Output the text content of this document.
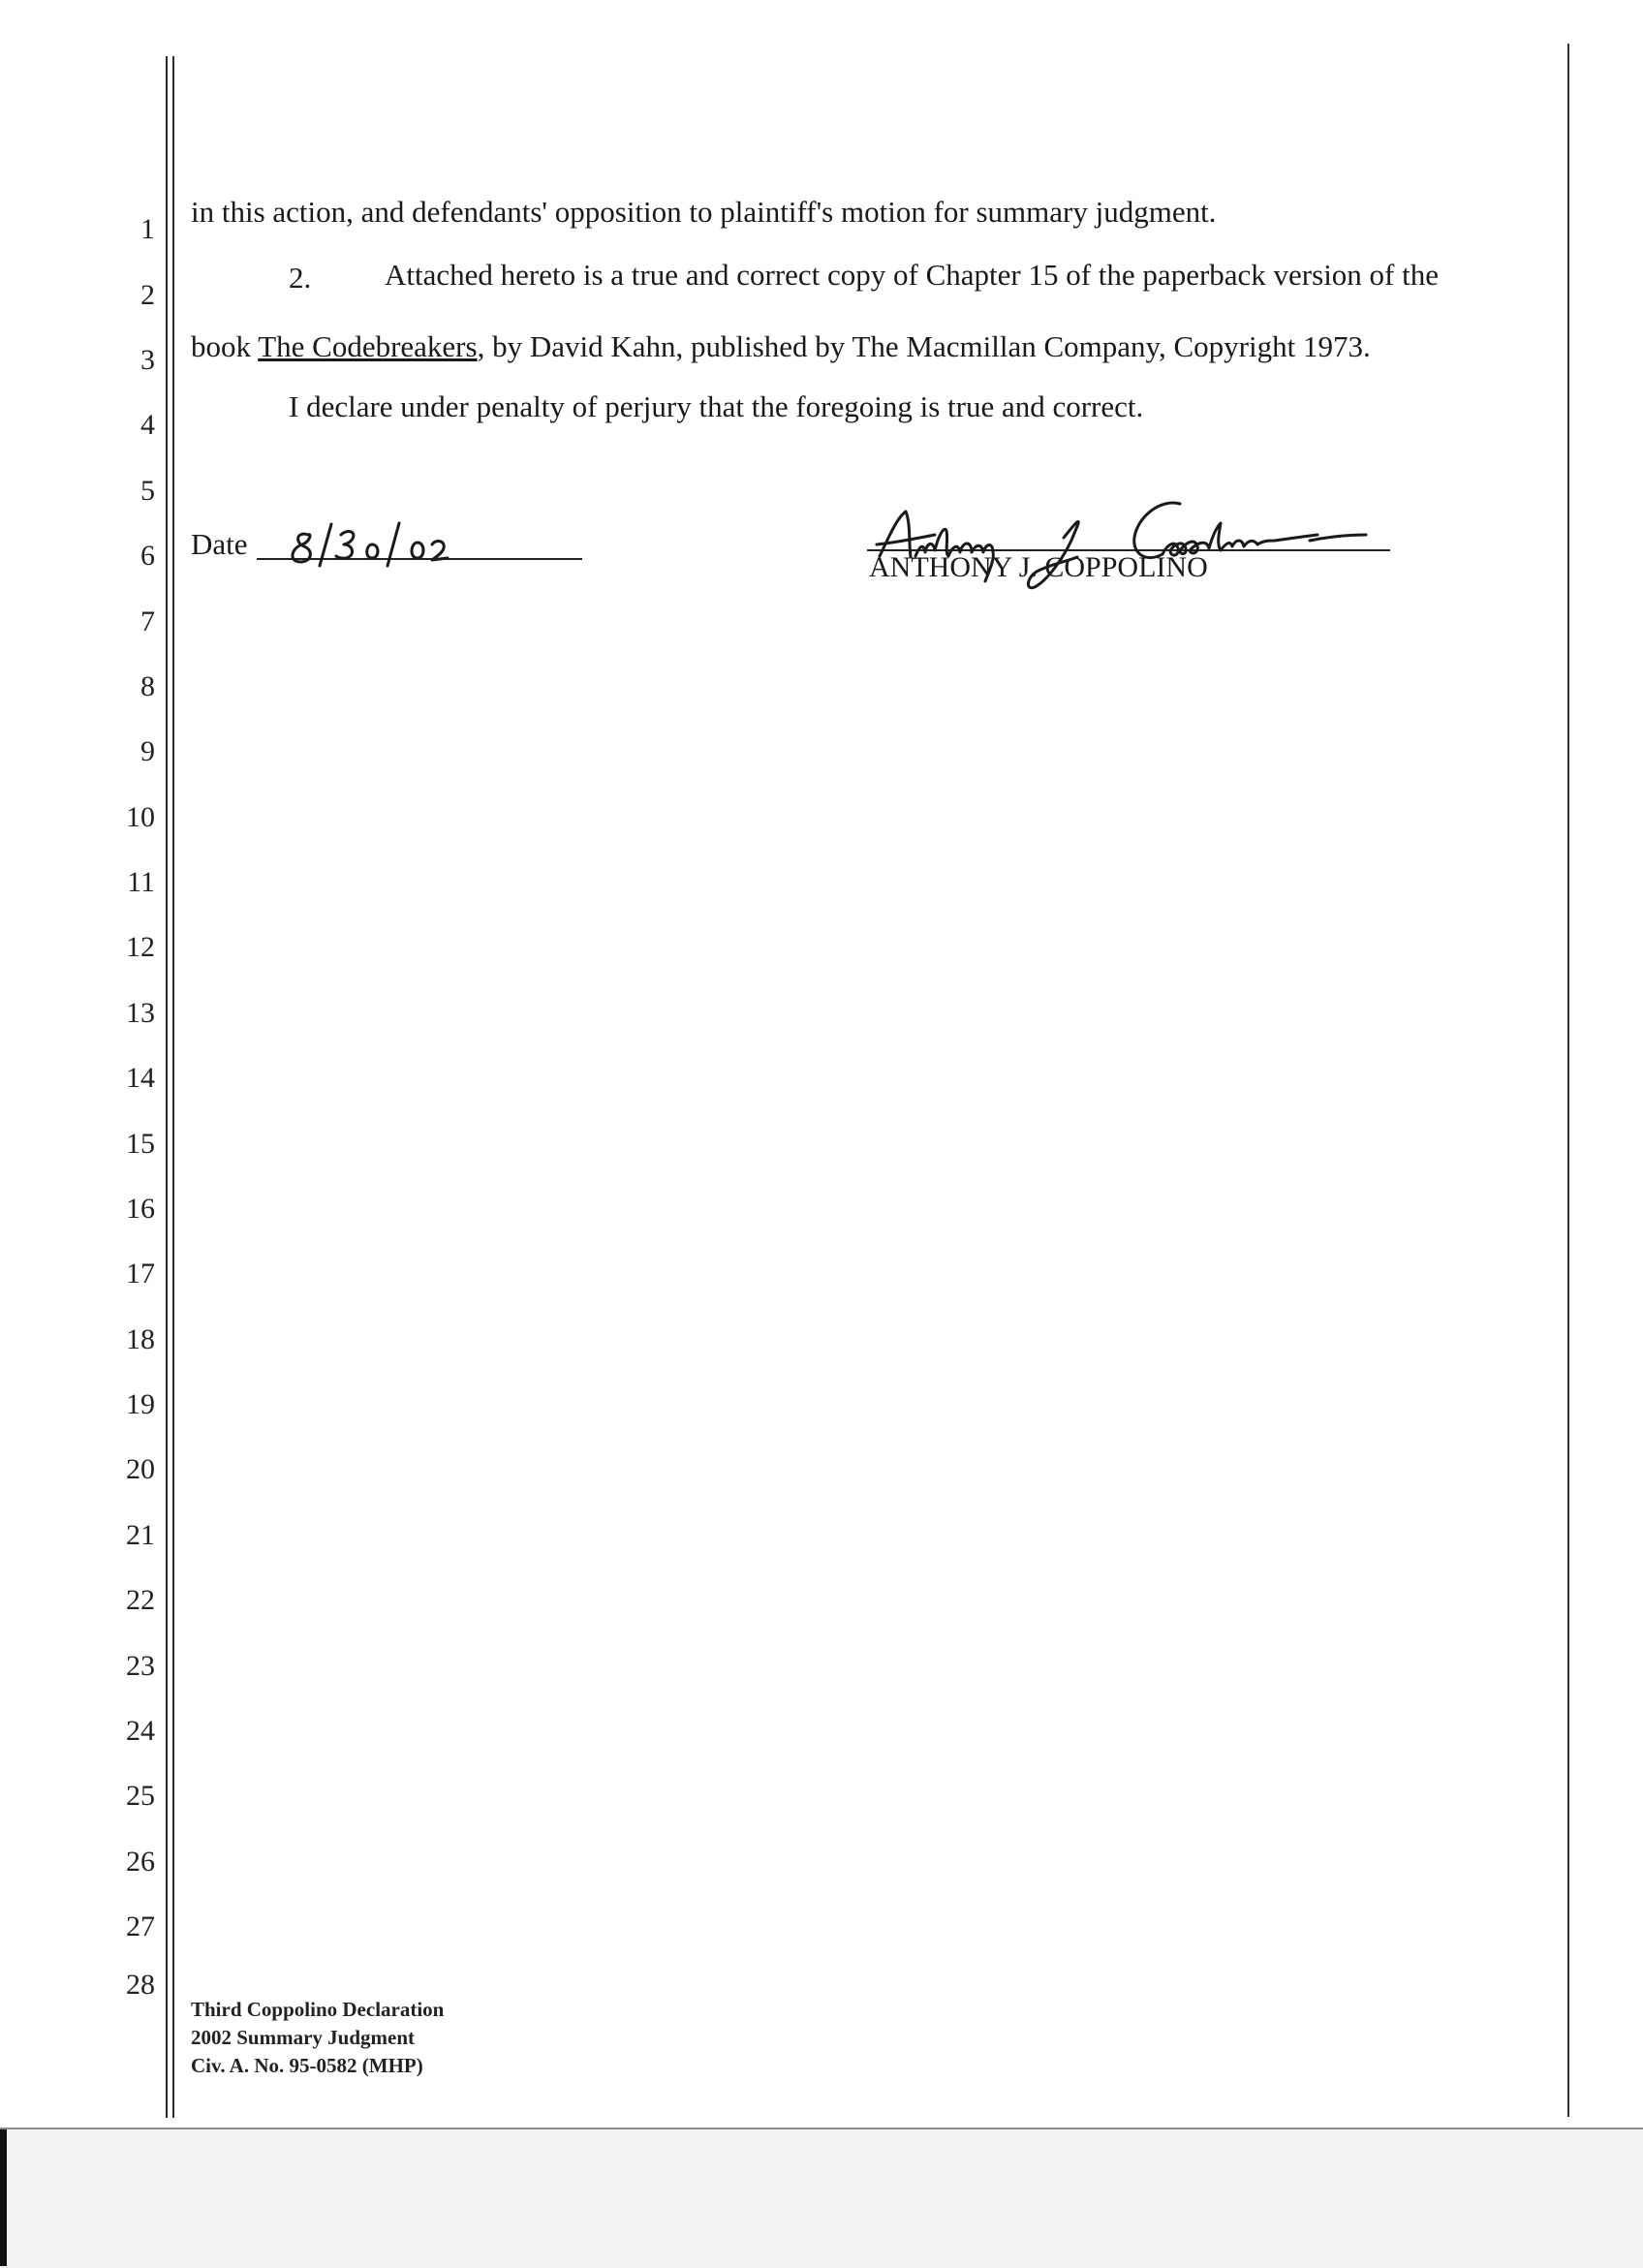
1
2
3
4
5
6
7
8
9
10
11
12
13
14
15
16
17
18
19
20
21
22
23
24
25
26
27
28
in this action, and defendants' opposition to plaintiff's motion for summary judgment.
2. Attached hereto is a true and correct copy of Chapter 15 of the paperback version of the
book The Codebreakers, by David Kahn, published by The Macmillan Company, Copyright 1973.
I declare under penalty of perjury that the foregoing is true and correct.
Date
ANTHONY J. COPPOLINO
Third Coppolino Declaration
2002 Summary Judgment
Civ. A. No. 95-0582 (MHP)
